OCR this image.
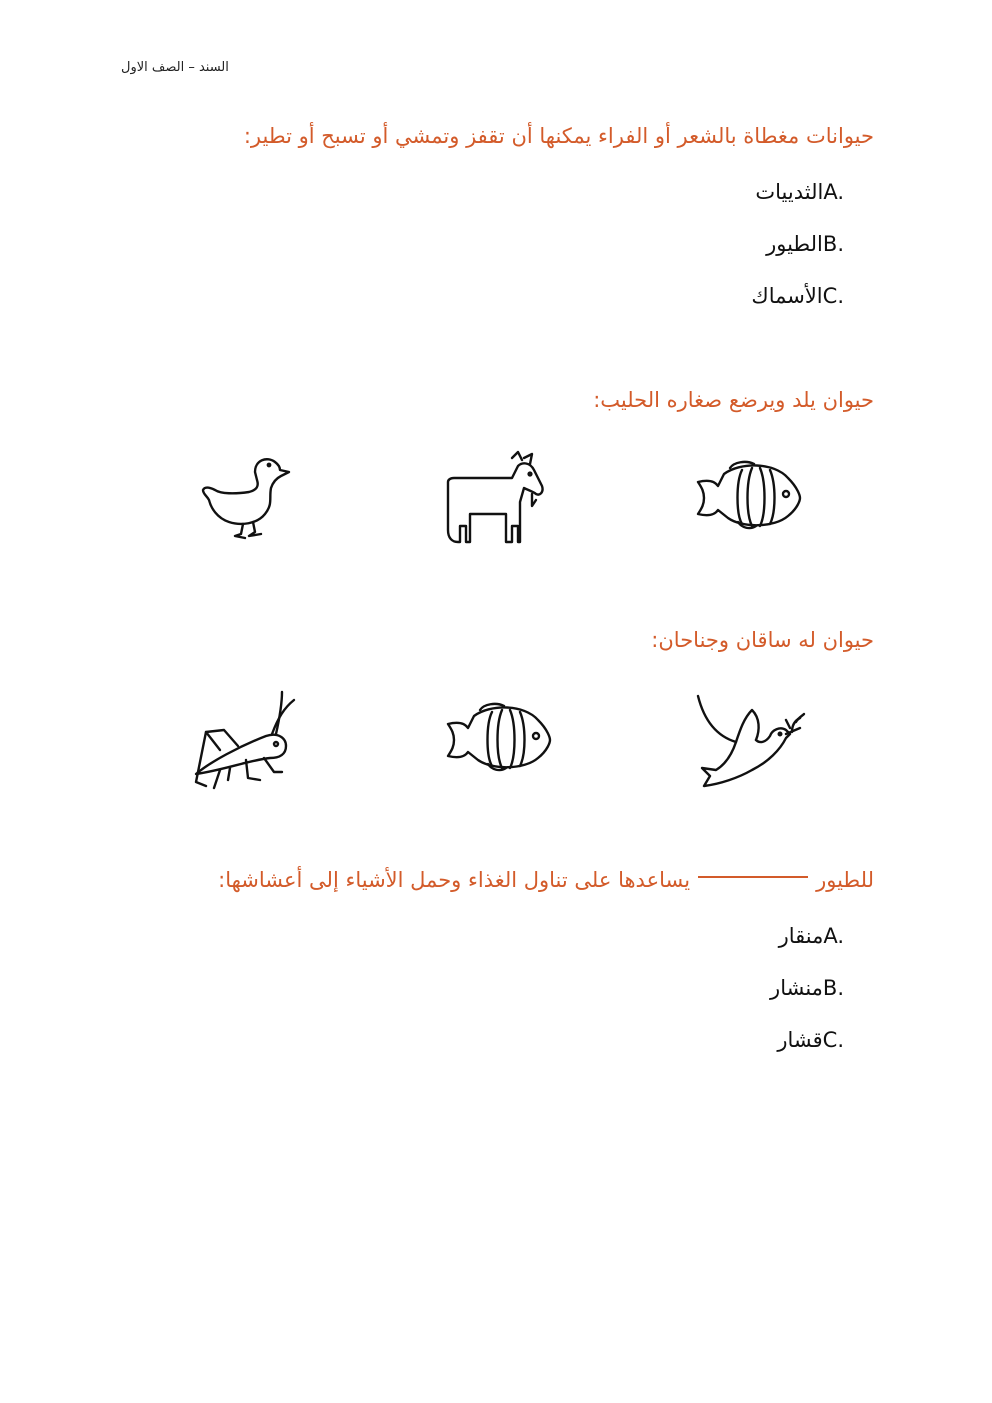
السند – الصف الاول
حيوانات مغطاة بالشعر أو الفراء يمكنها أن تقفز وتمشي أو تسبح أو تطير:
الثديياتA.
الطيورB.
الأسماكC.
حيوان يلد ويرضع صغاره الحليب:
حيوان له ساقان وجناحان:
للطيوريساعدها على تناول الغذاء وحمل الأشياء إلى أعشاشها:
منقارA.
منشارB.
قشارC.
